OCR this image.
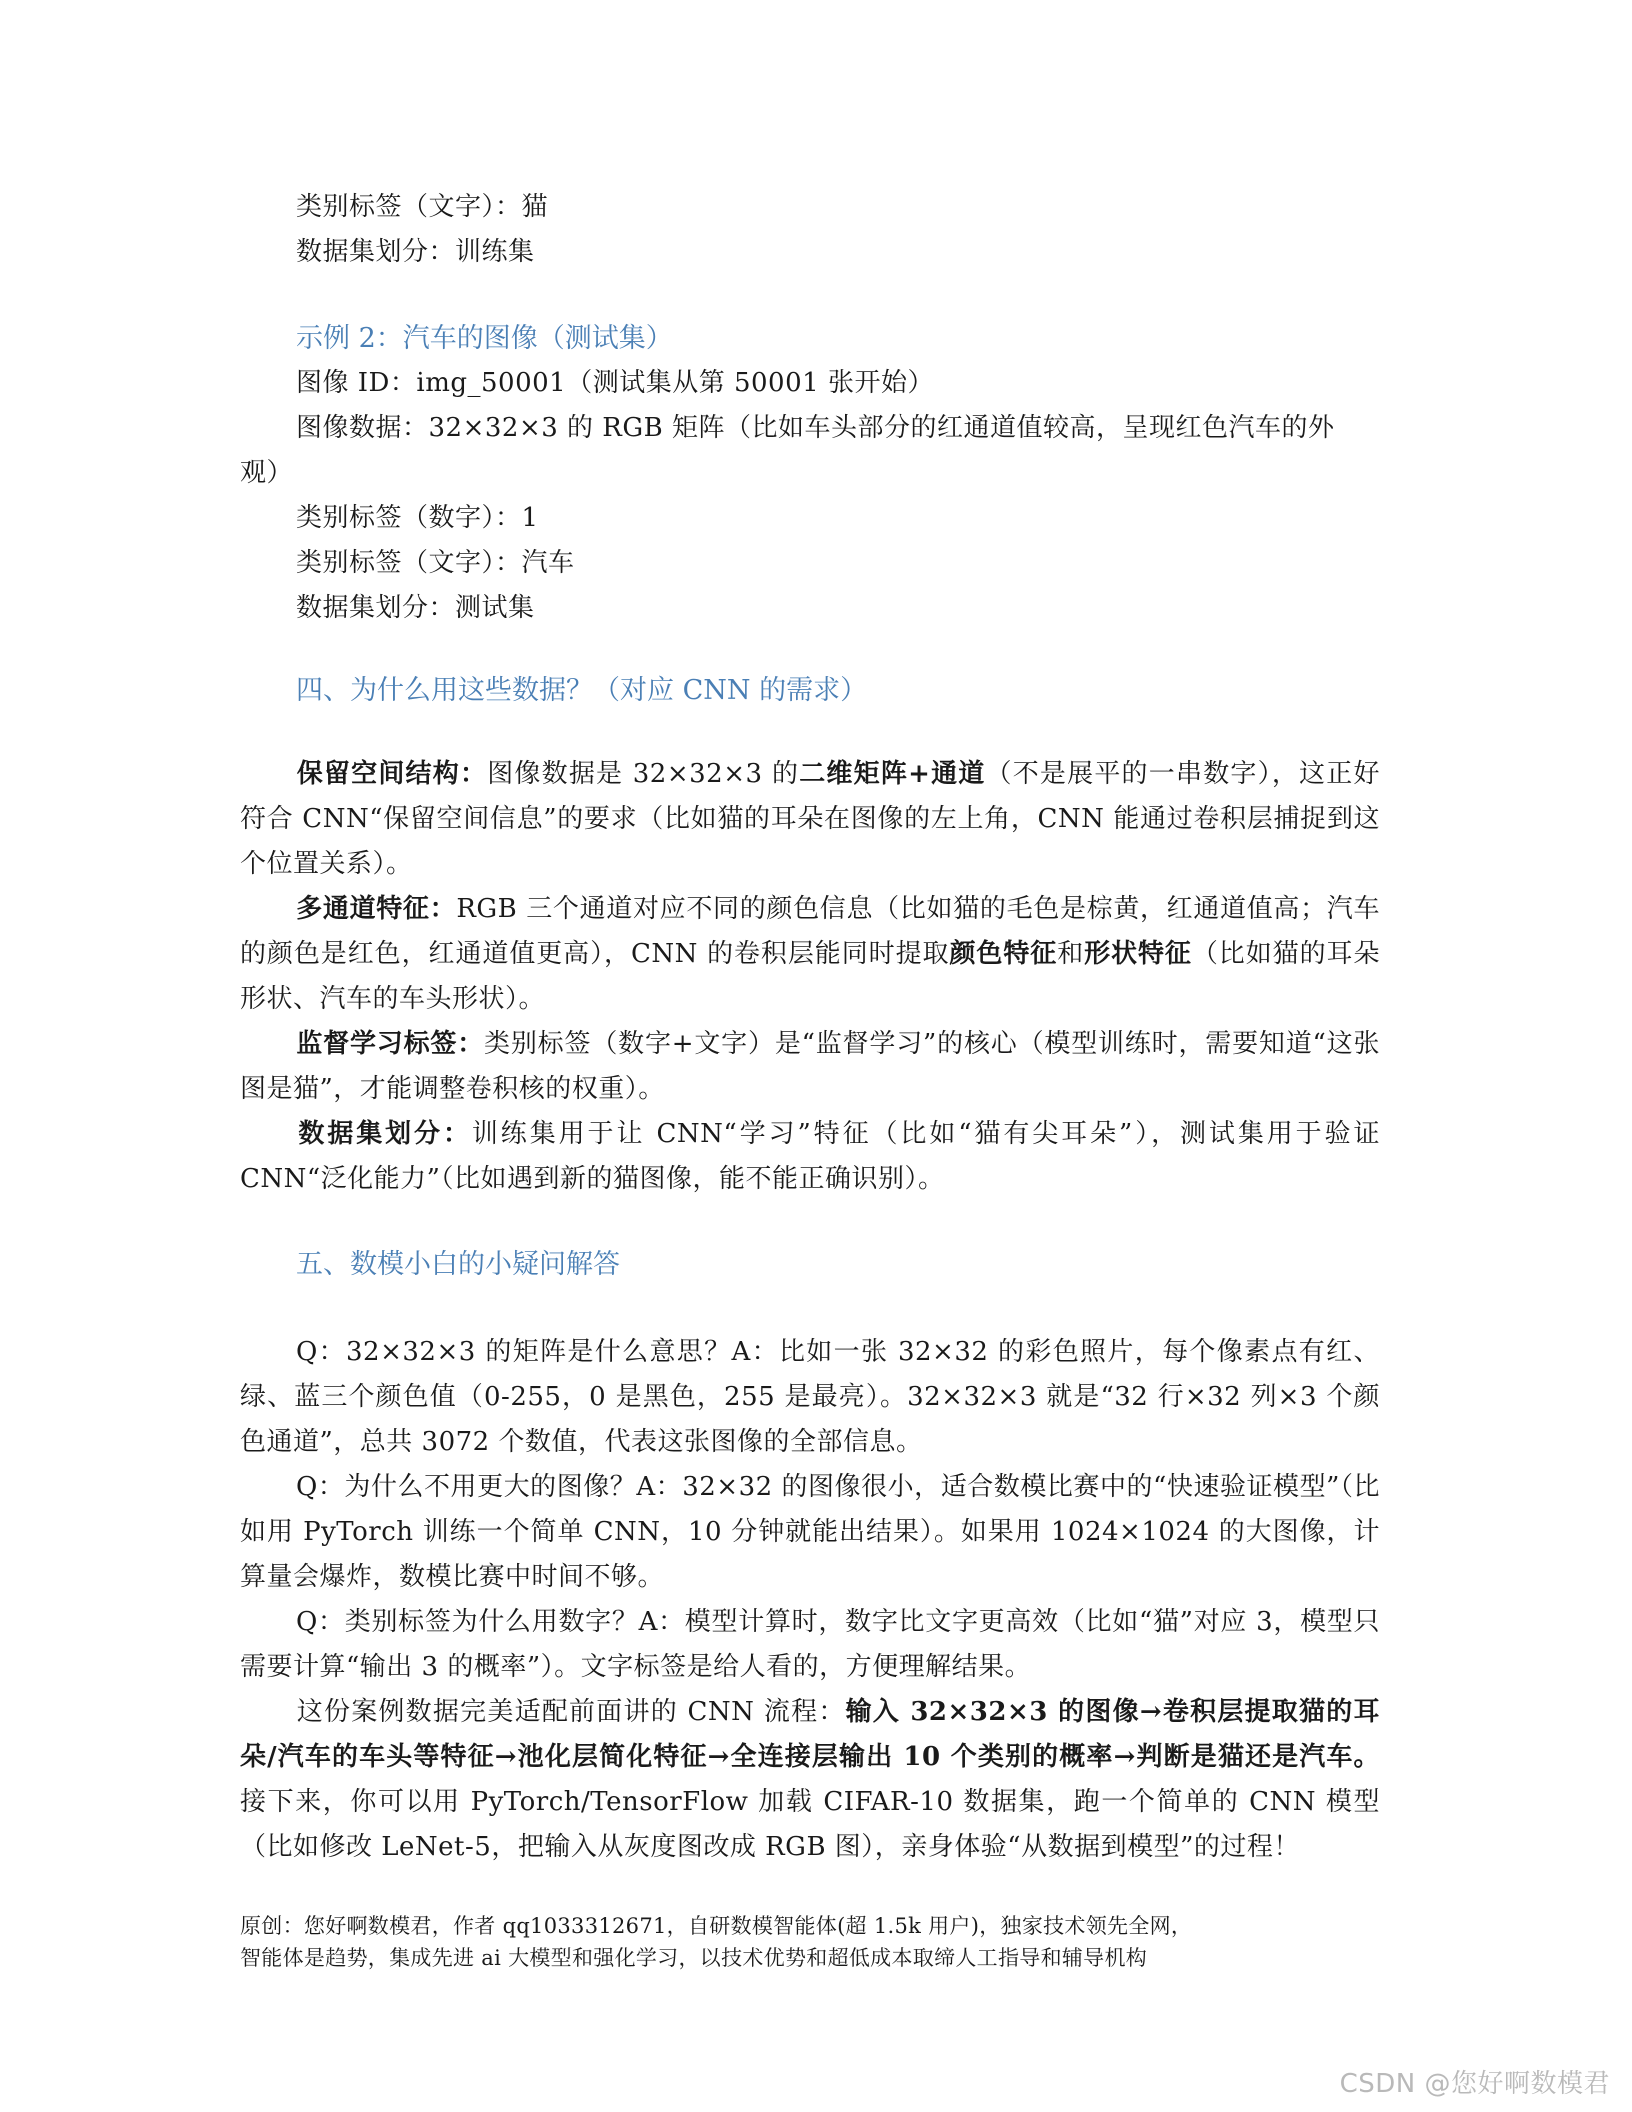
类别标签（文字）：猫
数据集划分：训练集
示例 2：汽车的图像（测试集）
图像 ID：img_50001（测试集从第 50001 张开始）
图像数据：32×32×3 的 RGB 矩阵（比如车头部分的红通道值较高，呈现红色汽车的外
观）
类别标签（数字）：1
类别标签（文字）：汽车
数据集划分：测试集
四、为什么用这些数据？（对应 CNN 的需求）
保留空间结构：图像数据是 32×32×3 的二维矩阵+通道（不是展平的一串数字），这正好符合 CNN“保留空间信息”的要求（比如猫的耳朵在图像的左上角，CNN 能通过卷积层捕捉到这个位置关系）。
多通道特征：RGB 三个通道对应不同的颜色信息（比如猫的毛色是棕黄，红通道值高；汽车的颜色是红色，红通道值更高），CNN 的卷积层能同时提取颜色特征和形状特征（比如猫的耳朵形状、汽车的车头形状）。
监督学习标签：类别标签（数字+文字）是“监督学习”的核心（模型训练时，需要知道“这张图是猫”，才能调整卷积核的权重）。
数据集划分：训练集用于让 CNN“学习”特征（比如“猫有尖耳朵”），测试集用于验证 CNN“泛化能力”（比如遇到新的猫图像，能不能正确识别）。
五、数模小白的小疑问解答
Q：32×32×3 的矩阵是什么意思？A：比如一张 32×32 的彩色照片，每个像素点有红、绿、蓝三个颜色值（0-255，0 是黑色，255 是最亮）。32×32×3 就是“32 行×32 列×3 个颜色通道”，总共 3072 个数值，代表这张图像的全部信息。
Q：为什么不用更大的图像？A：32×32 的图像很小，适合数模比赛中的“快速验证模型”（比如用 PyTorch 训练一个简单 CNN，10 分钟就能出结果）。如果用 1024×1024 的大图像，计算量会爆炸，数模比赛中时间不够。
Q：类别标签为什么用数字？A：模型计算时，数字比文字更高效（比如“猫”对应 3，模型只需要计算“输出 3 的概率”）。文字标签是给人看的，方便理解结果。
这份案例数据完美适配前面讲的 CNN 流程：输入 32×32×3 的图像→卷积层提取猫的耳朵/汽车的车头等特征→池化层简化特征→全连接层输出 10 个类别的概率→判断是猫还是汽车。接下来，你可以用 PyTorch/TensorFlow 加载 CIFAR-10 数据集，跑一个简单的 CNN 模型（比如修改 LeNet-5，把输入从灰度图改成 RGB 图），亲身体验“从数据到模型”的过程！
原创：您好啊数模君，作者 qq1033312671，自研数模智能体(超 1.5k 用户)，独家技术领先全网，
智能体是趋势，集成先进 ai 大模型和强化学习，以技术优势和超低成本取缔人工指导和辅导机构
CSDN @您好啊数模君
